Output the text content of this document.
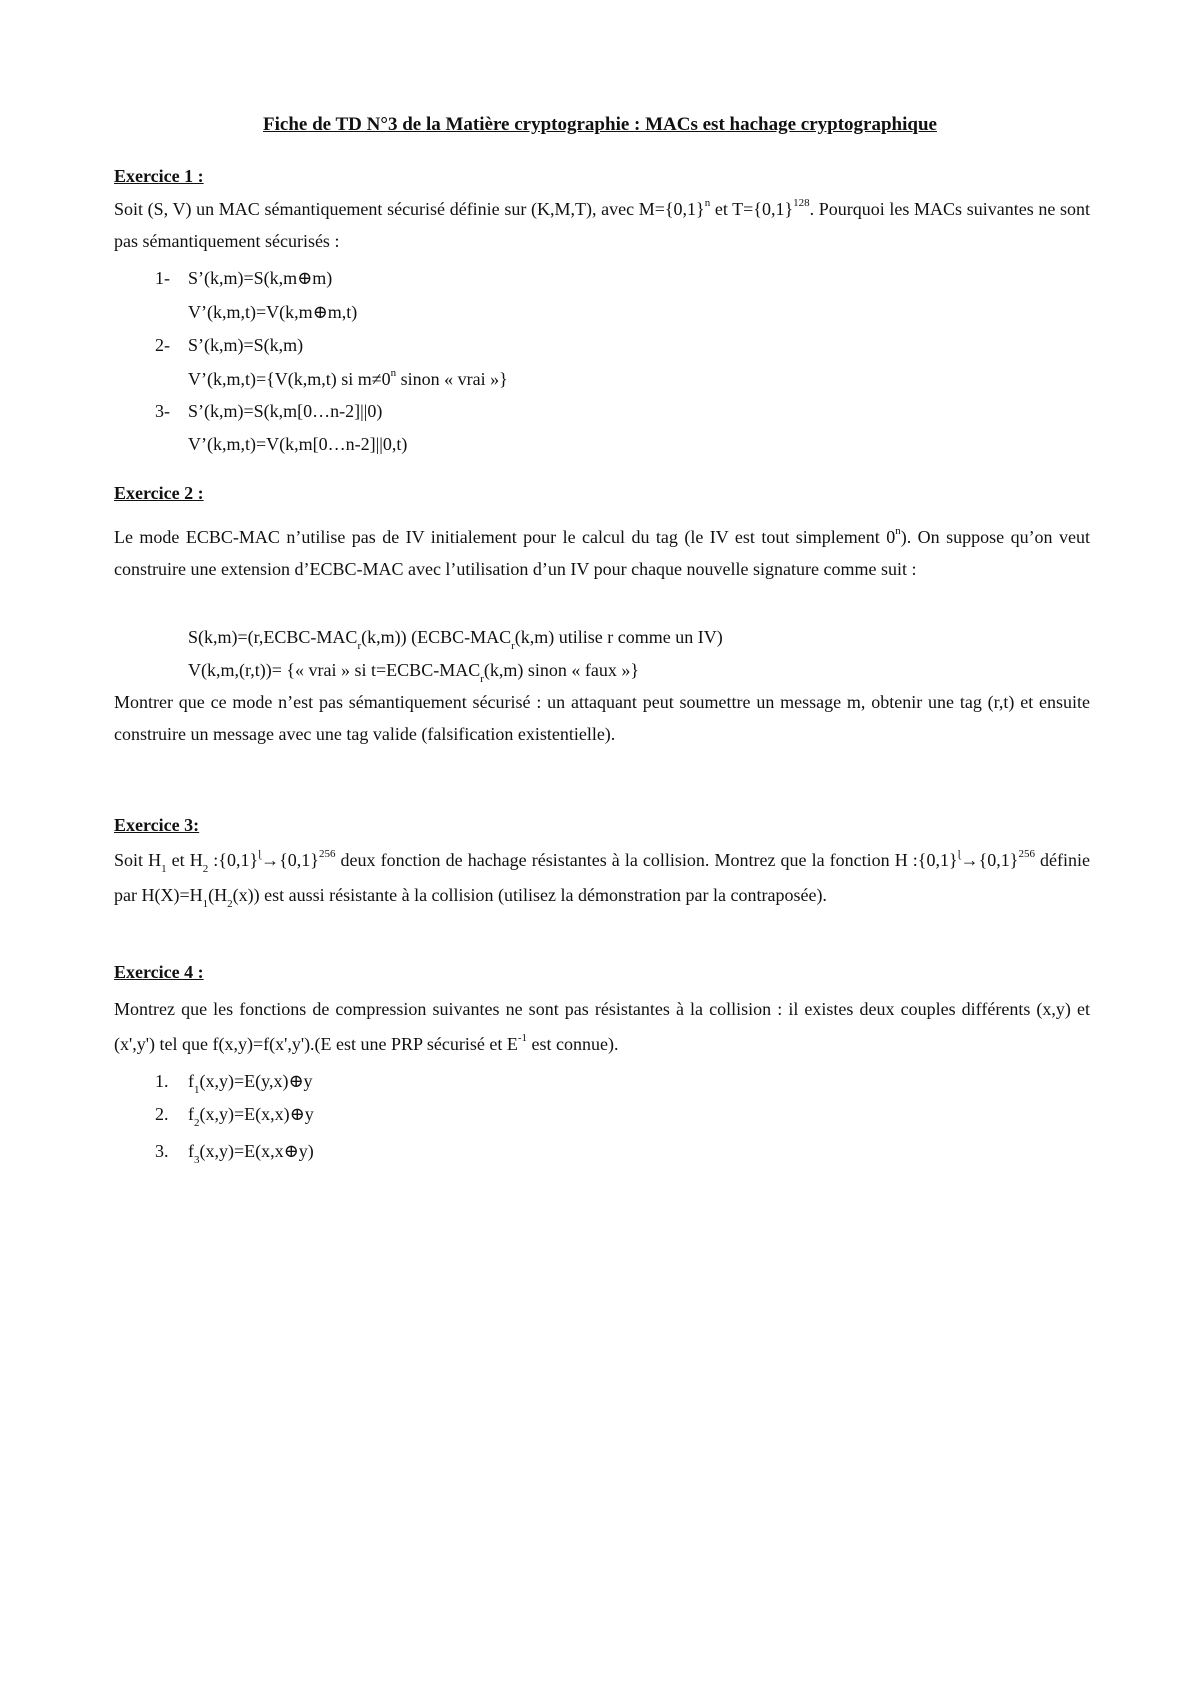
Fiche de TD N°3 de la Matière cryptographie : MACs est hachage cryptographique
Exercice 1 :
Soit (S, V) un MAC sémantiquement sécurisé définie sur (K,M,T), avec $M=\{0,1\}^n$ et $T=\{0,1\}^{128}$. Pourquoi les MACs suivantes ne sont pas sémantiquement sécurisés :
1- S’(k,m)=S(k,m⊕m)
V’(k,m,t)=V(k,m⊕m,t)
2- S’(k,m)=S(k,m)
V’(k,m,t)={V(k,m,t) si $m\ne 0^n$ sinon « vrai »}
3- S’(k,m)=S(k,m[0…n-2]||0)
V’(k,m,t)=V(k,m[0…n-2]||0,t)
Exercice 2 :
Le mode ECBC-MAC n’utilise pas de IV initialement pour le calcul du tag (le IV est tout simplement 0$^n$). On suppose qu’on veut construire une extension d’ECBC-MAC avec l’utilisation d’un IV pour chaque nouvelle signature comme suit :
$S(k,m)=(r,ECBC-MAC_r(k,m))$ ($ECBC-MAC_r(k,m)$ utilise r comme un IV)
V(k,m,(r,t))= {« vrai » si $t=ECBC-MAC_r(k,m)$ sinon « faux »}
Montrer que ce mode n’est pas sémantiquement sécurisé : un attaquant peut soumettre un message m, obtenir une tag (r,t) et ensuite construire un message avec une tag valide (falsification existentielle).
Exercice 3:
Soit $H_1$ et $H_2$ $:\{0,1\}^ɭ\to\{0,1\}^{256}$ deux fonction de hachage résistantes à la collision. Montrez que la fonction H $:\{0,1\}^ɭ\to\{0,1\}^{256}$ définie par $H(X)=H_1(H_2(x))$ est aussi résistante à la collision (utilisez la démonstration par la contraposée).
Exercice 4 :
Montrez que les fonctions de compression suivantes ne sont pas résistantes à la collision : il existes deux couples différents (x,y) et (x',y') tel que f(x,y)=f(x',y').(E est une PRP sécurisé et $E^{-1}$ est connue).
1. $f_1(x,y)=E(y,x)\oplus y$
2. $f_2(x,y)=E(x,x)\oplus y$
3. $f_3(x,y)=E(x,x\oplus y)$
